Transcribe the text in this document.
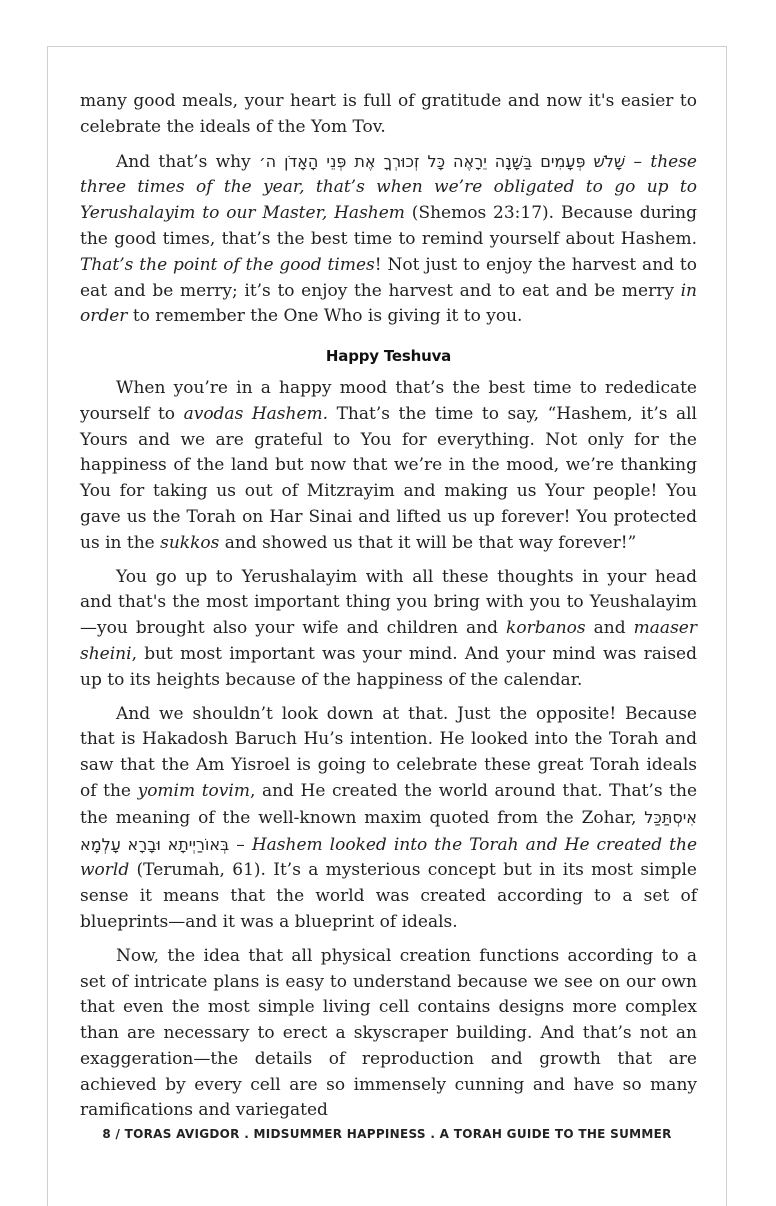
many good meals, your heart is full of gratitude and now it's easier to celebrate the ideals of the Yom Tov.

And that’s why שָׁלֹשׁ פְּעָמִים בַּשָּׁנָה יֵרָאֶה כָּל זְכוּרְךָ אֶת פְּנֵי הָאָדֹן ה׳ – these three times of the year, that’s when we’re obligated to go up to Yerushalayim to our Master, Hashem (Shemos 23:17). Because during the good times, that’s the best time to remind yourself about Hashem. That’s the point of the good times! Not just to enjoy the harvest and to eat and be merry; it’s to enjoy the harvest and to eat and be merry in order to remember the One Who is giving it to you.

Happy Teshuva

When you’re in a happy mood that’s the best time to rededicate yourself to avodas Hashem. That’s the time to say, “Hashem, it’s all Yours and we are grateful to You for everything. Not only for the happiness of the land but now that we’re in the mood, we’re thanking You for taking us out of Mitzrayim and making us Your people! You gave us the Torah on Har Sinai and lifted us up forever! You protected us in the sukkos and showed us that it will be that way forever!”

You go up to Yerushalayim with all these thoughts in your head and that's the most important thing you bring with you to Yeushalayim—you brought also your wife and children and korbanos and maaser sheini, but most important was your mind. And your mind was raised up to its heights because of the happiness of the calendar.

And we shouldn’t look down at that. Just the opposite! Because that is Hakadosh Baruch Hu’s intention. He looked into the Torah and saw that the Am Yisroel is going to celebrate these great Torah ideals of the yomim tovim, and He created the world around that. That’s the the meaning of the well-known maxim quoted from the Zohar, אִיסְתַּכַּל בְּאוֹרַיְיתָא וּבָרָא עָלְמָא – Hashem looked into the Torah and He created the world (Terumah, 61). It’s a mysterious concept but in its most simple sense it means that the world was created according to a set of blueprints—and it was a blueprint of ideals.

Now, the idea that all physical creation functions according to a set of intricate plans is easy to understand because we see on our own that even the most simple living cell contains designs more complex than are necessary to erect a skyscraper building. And that’s not an exaggeration—the details of reproduction and growth that are achieved by every cell are so immensely cunning and have so many ramifications and variegated

8 / TORAS AVIGDOR . MIDSUMMER HAPPINESS . A TORAH GUIDE TO THE SUMMER
